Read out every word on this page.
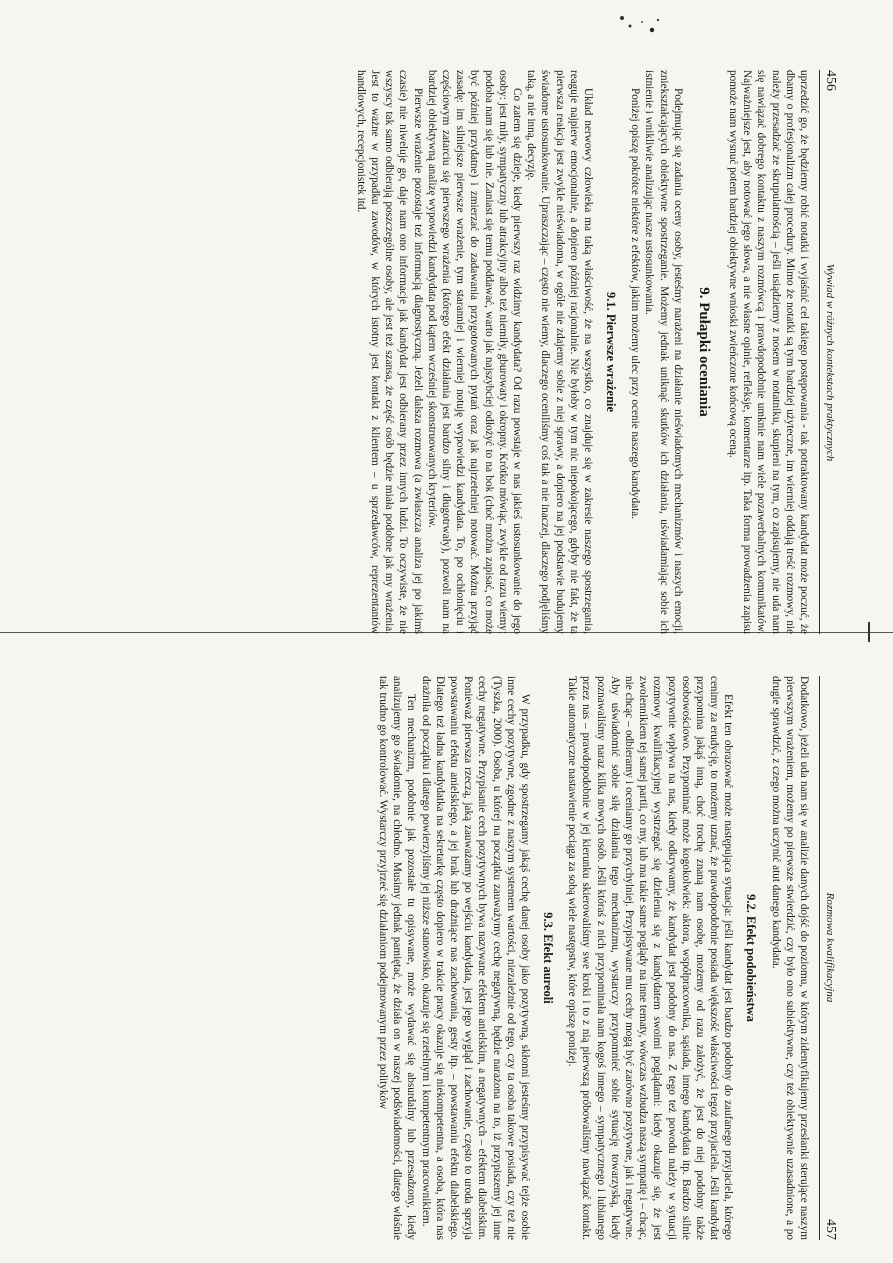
456
Wywiad w różnych kontekstach praktycznych

uprzedzić go, że będziemy robić notatki i wyjaśnić cel takiego postępowania - tak potraktowany kandydat może poczuć, że dbamy o profesjonalizm całej procedury. Mimo że notatki są tym bardziej użyteczne, im wierniej oddają treść rozmowy, nie należy przesadzać ze skrupulatnością – jeśli usiądziemy z nosem w notatniku, skupieni na tym, co zapisujemy, nie uda nam się nawiązać dobrego kontaktu z naszym rozmówcą i prawdopodobnie umknie nam wiele pozawerbalnych komunikatów. Najważniejsze jest, aby notować jego słowa, a nie własne opinie, refleksje, komentarze itp. Taka forma prowadzenia zapisu pomoże nam wysnuć potem bardziej obiektywne wnioski zwieńczone końcową oceną.

9. Pułapki oceniania

Podejmując się zadania oceny osoby, jesteśmy narażeni na działanie nieświadomych mechanizmów i naszych emocji, zniekształcających obiektywne spostrzeganie. Możemy jednak uniknąć skutków ich działania, uświadamiając sobie ich istnienie i wnikliwie analizując nasze ustosunkowania.

Poniżej opiszę pokrótce niektóre z efektów, jakim możemy ulec przy ocenie naszego kandydata.

9.1. Pierwsze wrażenie

Układ nerwowy człowieka ma taką właściwość, że na wszystko, co znajduje się w zakresie naszego spostrzegania, reaguje najpierw emocjonalnie, a dopiero później racjonalnie. Nie byłoby w tym nic niepokojącego, gdyby nie fakt, że ta pierwsza reakcja jest zwykle nieświadoma, w ogóle nie zdajemy sobie z niej sprawy, a dopiero na jej podstawie budujemy świadome ustosunkowanie. Upraszczając – często nie wiemy, dlaczego oceniliśmy coś tak a nie inaczej, dlaczego podjęliśmy taką, a nie inną, decyzję.

Co zatem się dzieje, kiedy pierwszy raz widzimy kandydata? Od razu powstaje w nas jakieś ustosunkowanie do jego osoby: jest miły, sympatyczny lub atrakcyjny albo też niemiły, gburowaty i okropny. Krótko mówiąc, zwykle od razu wiemy: podoba nam się lub nie. Zaniast się temu poddawać, warto jak najszybciej odłożyć to na bok (choć można zapisać, co może być później przydatne) i zmierzać do zadawania przygotowanych pytań oraz jak najrzetelniej notować. Można przyjąć zasadę: im silniejsze pierwsze wrażenie, tym staranniej i wierniej notuję wypowiedzi kandydata. To, po ochłonięciu i częściowym zatarciu się pierwszego wrażenia (którego efekt działania jest bardzo silny i długotrwały), pozwoli nam na bardziej obiektywną analizę wypowiedzi kandydata pod kątem wcześniej skonstruowanych kryteriów.

Pierwsze wrażenie pozostaje też informacją diagnostyczną. Jeżeli dalsza rozmowa (a zwłaszcza analiza jej po jakimś czasie) nie niweluje go, daje nam ono informacje jak kandydat jest odbierany przez innych ludzi. To oczywiste, że nie wszyscy tak samo odbierają poszczególne osoby, ale jest też szansa, że część osób będzie miała podobne jak my wrażenia. Jest to ważne w przypadku zawodów, w których istotny jest kontakt z klientem – u sprzedawców, reprezentantów handlowych, recepcjonistek itd.

Rozmowa kwalifikacyjna
457

Dodatkowo, jeżeli uda nam się w analizie danych dojść do poziomu, w którym zidentyfikujemy przesłanki sterujące naszym pierwszym wrażeniem, możemy po pierwsze stwierdzić, czy było ono subiektywne, czy też obiektywnie uzasadnione, a po drugie sprawdzić, z czego można uczynić atut danego kandydata.

9.2. Efekt podobieństwa

Efekt ten obrazować może następująca sytuacja: jeśli kandydat jest bardzo podobny do zaufanego przyjaciela, którego cenimy za erudycję, to możemy uznać, że prawdopodobnie posiada większość właściwości tegoż przyjaciela. Jeśli kandydat przypomina jakąś inną, choć trochę znaną nam osobę, możemy od razu założyć, że jest do niej podobny także osobowościowo. Przypominać może kogokolwiek: aktora, współpracownika, sąsiada, innego kandydata itp. Bardzo silnie pozytywnie wpływa na nas, kiedy odkrywamy, że kandydat jest podobny do nas. Z tego też powodu należy w sytuacji rozmowy kwalifikacyjnej wystrzegać się dzielenia się z kandydatem swoimi poglądami: kiedy okazuje się, że jest zwolennikiem tej samej partii, co my, lub ma takie same poglądy na inne tematy, wówczas wzbudza naszą sympatię i – chcąc, nie chcąc – odbieramy i oceniamy go przychylniej. Przypisywane mu cechy mogą być zarówno pozytywne, jak i negatywne. Aby uświadomić sobie siłę działania tego mechanizmu, wystarczy przypomnieć sobie sytuację towarzyską, kiedy poznawaliśmy naraz kilka nowych osób. Jeśli któraś z nich przypominała nam kogoś innego – sympatycznego i lubianego przez nas – prawdopodobnie w jej kierunku skierowaliśmy swe kroki i to z nią pierwszą próbowaliśmy nawiązać kontakt. Takie automatyczne nastawienie pociąga za sobą wiele następstw, które opiszę poniżej.

9.3. Efekt aureoli

W przypadku, gdy spostrzegamy jakąś cechę danej osoby jako pozytywną, skłonni jesteśmy przypisywać tejże osobie inne cechy pozytywne, zgodne z naszym systemem wartości, niezależnie od tego, czy ta osoba takowe posiada, czy też nie (Tyszka, 2000). Osoba, u której na początku zauważymy cechę negatywną, będzie narażona na to, iż przypiszemy jej inne cechy negatywne. Przypisanie cech pozytywnych bywa nazywane efektem anielskim, a negatywnych – efektem diabelskim. Ponieważ pierwsza rzeczą, jaką zauważamy po wejściu kandydata, jest jego wygląd i zachowanie, często to uroda sprzyja powstawaniu efektu anielskiego, a jej brak lub drażniące nas zachowania, gesty itp. – powstawaniu efektu diabelskiego. Dlatego też ładna kandydatka na sekretarkę często dopiero w trakcie pracy okazuje się niekompetentna, a osoba, która nas drażniła od początku i dlatego powierzyliśmy jej niższe stanowisko, okazuje się rzetelnym i kompetentnym pracownikiem.

Ten mechanizm, podobnie jak pozostałe tu opisywane, może wydawać się absurdalny lub przesadzony, kiedy analizujemy go świadomie, na chłodno. Musimy jednak pamiętać, że działa on w naszej podświadomości, dlatego właśnie tak trudno go kontrolować. Wystarczy przyjrzeć się działaniom podejmowanym przez polityków
